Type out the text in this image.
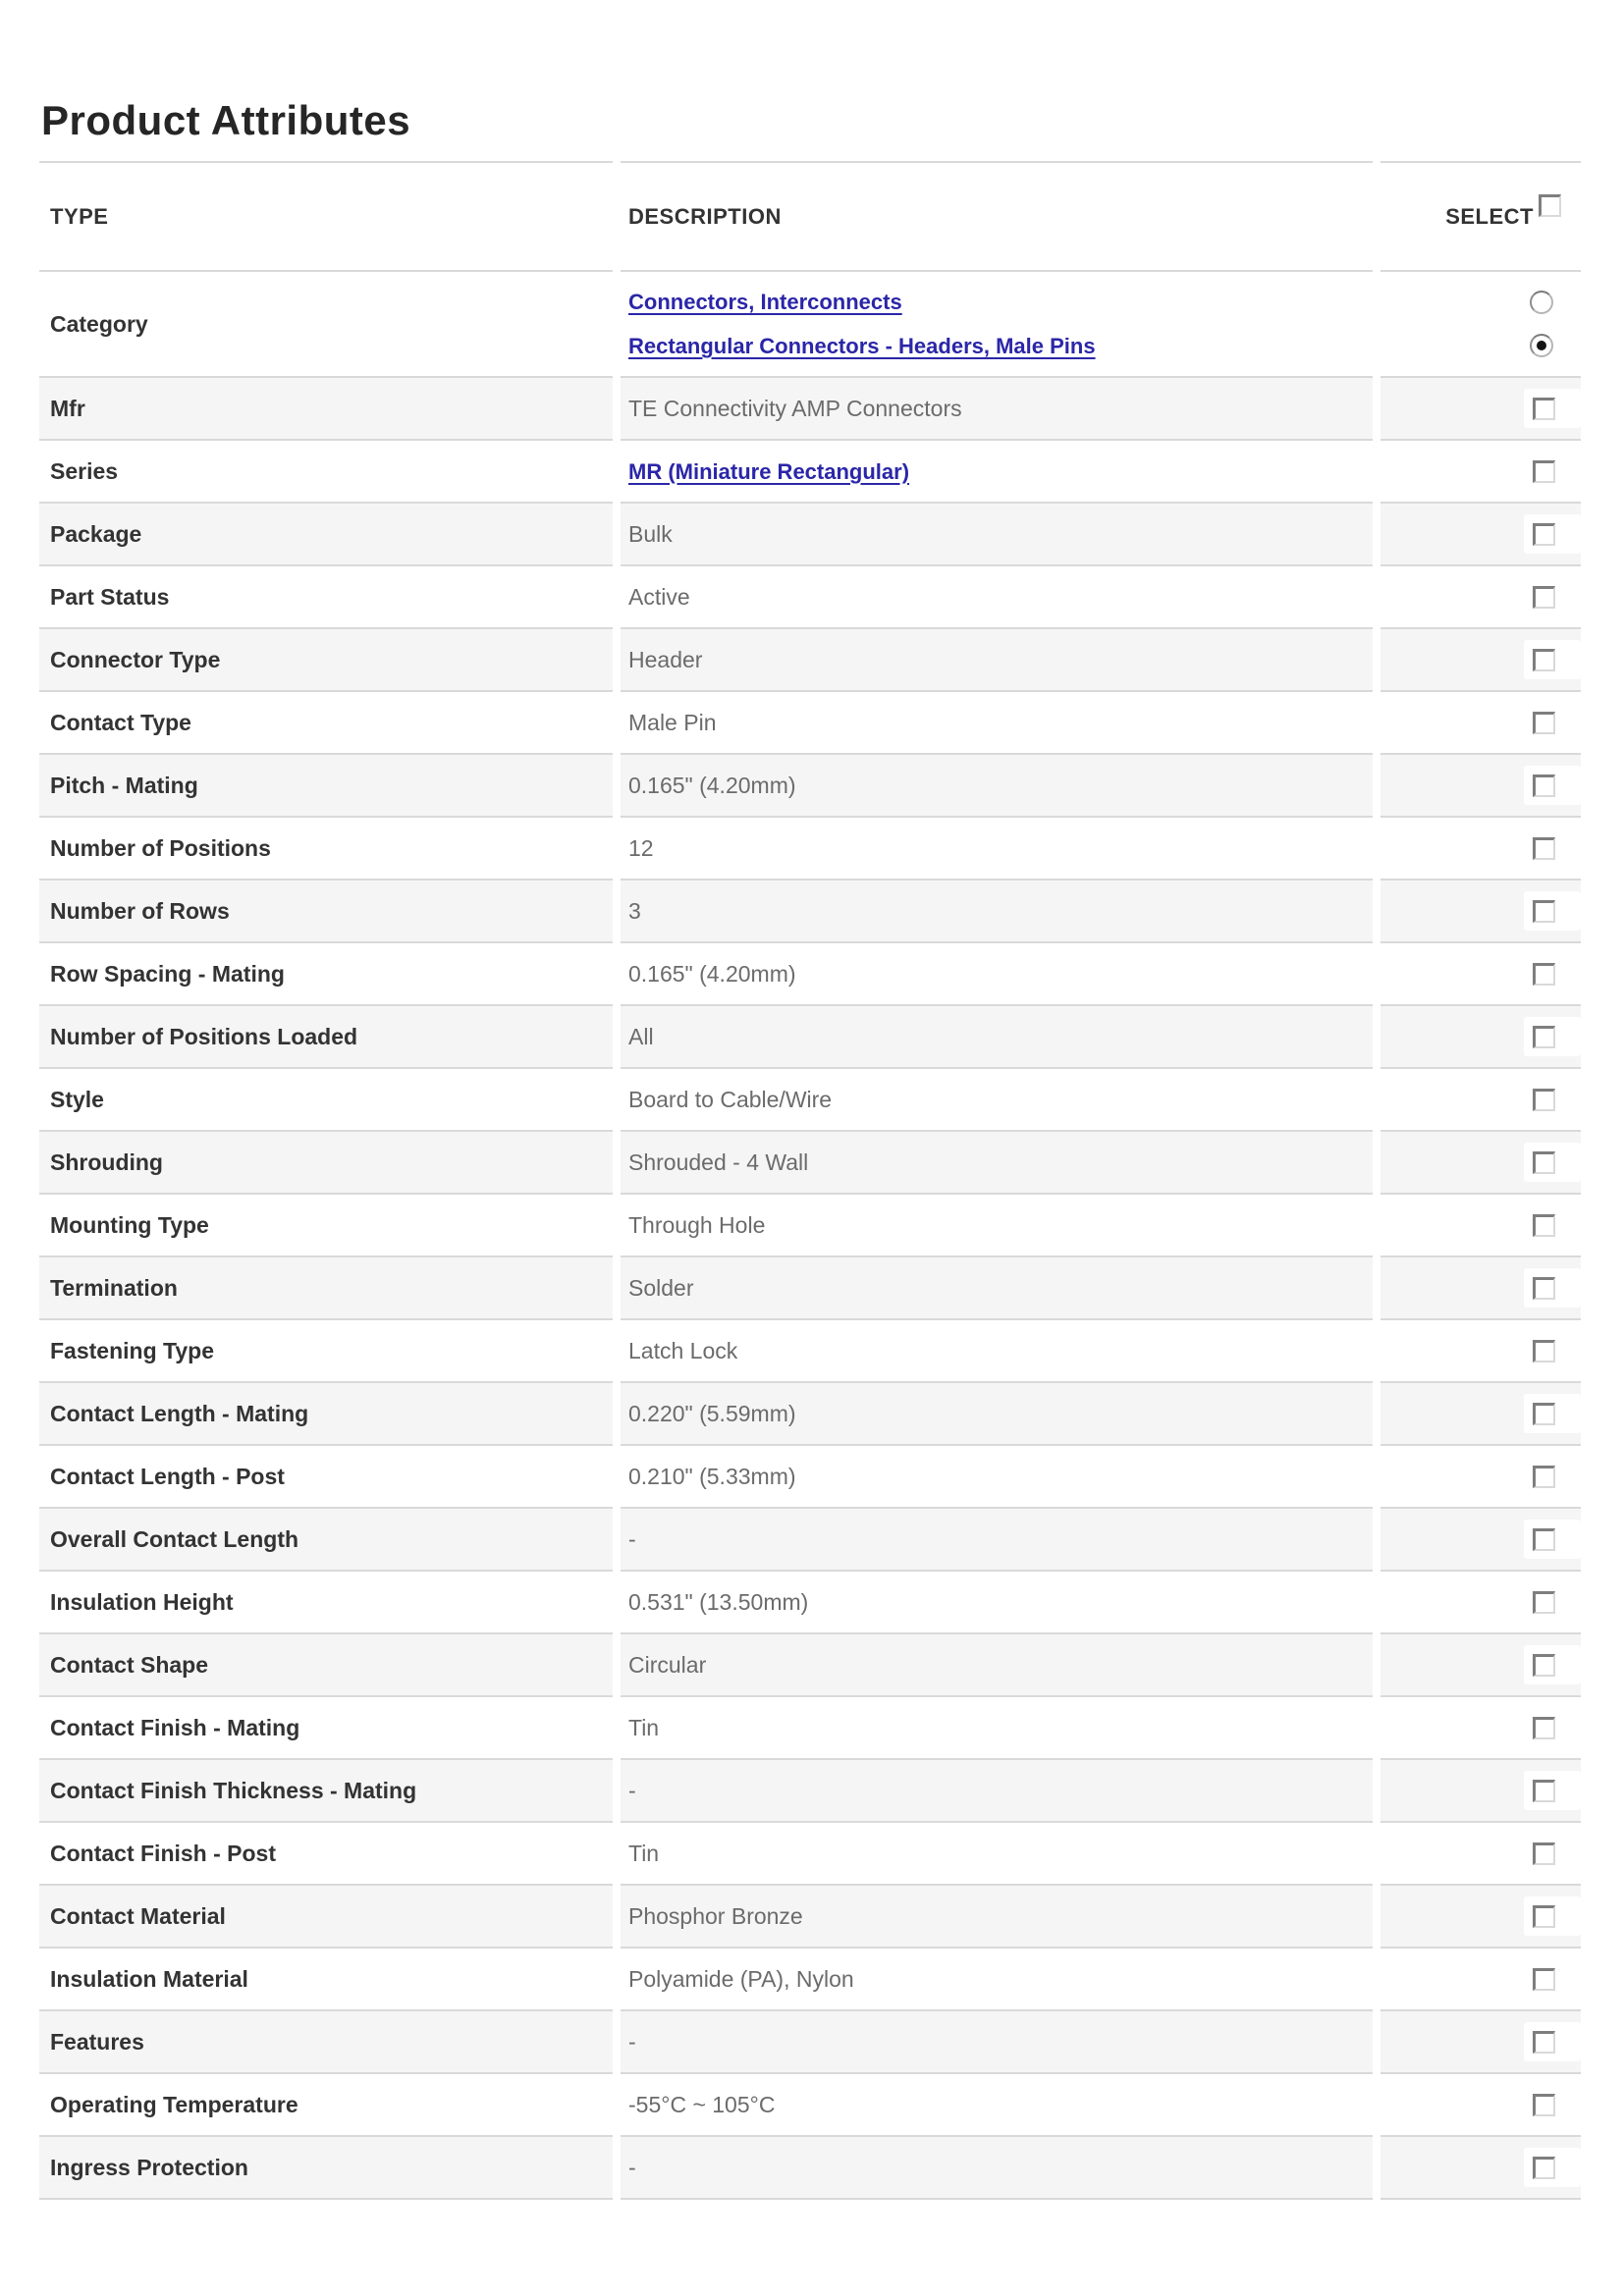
Product Attributes
TYPE	DESCRIPTION	SELECT
Category	Connectors, Interconnects
Rectangular Connectors - Headers, Male Pins	

Mfr	TE Connectivity AMP Connectors	

Series	MR (Miniature Rectangular)	

Package	Bulk	

Part Status	Active	

Connector Type	Header	

Contact Type	Male Pin	

Pitch - Mating	0.165" (4.20mm)	

Number of Positions	12	

Number of Rows	3	

Row Spacing - Mating	0.165" (4.20mm)	

Number of Positions Loaded	All	

Style	Board to Cable/Wire	

Shrouding	Shrouded - 4 Wall	

Mounting Type	Through Hole	

Termination	Solder	

Fastening Type	Latch Lock	

Contact Length - Mating	0.220" (5.59mm)	

Contact Length - Post	0.210" (5.33mm)	

Overall Contact Length	-	

Insulation Height	0.531" (13.50mm)	

Contact Shape	Circular	

Contact Finish - Mating	Tin	

Contact Finish Thickness - Mating	-	

Contact Finish - Post	Tin	

Contact Material	Phosphor Bronze	

Insulation Material	Polyamide (PA), Nylon	

Features	-	

Operating Temperature	-55°C ~ 105°C	

Ingress Protection	-	
